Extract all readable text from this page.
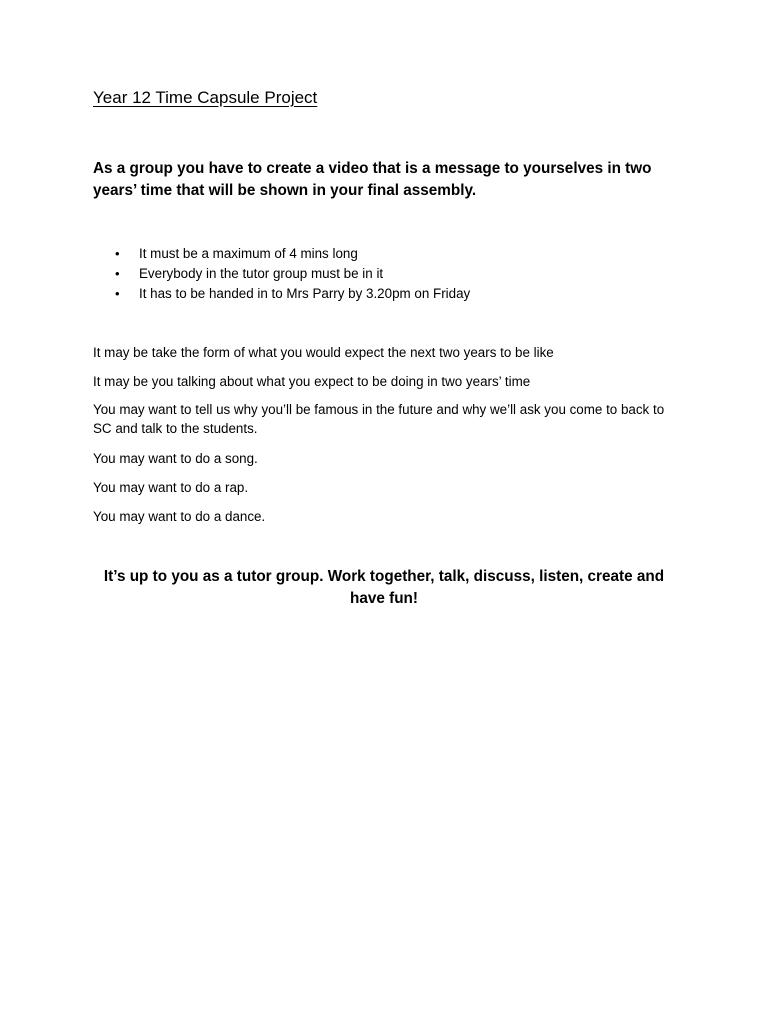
Year 12 Time Capsule Project

As a group you have to create a video that is a message to yourselves in two years’ time that will be shown in your final assembly.

• It must be a maximum of 4 mins long
• Everybody in the tutor group must be in it
• It has to be handed in to Mrs Parry by 3.20pm on Friday

It may be take the form of what you would expect the next two years to be like

It may be you talking about what you expect to be doing in two years’ time

You may want to tell us why you’ll be famous in the future and why we’ll ask you come to back to SC and talk to the students.

You may want to do a song.

You may want to do a rap.

You may want to do a dance.

It’s up to you as a tutor group. Work together, talk, discuss, listen, create and have fun!
